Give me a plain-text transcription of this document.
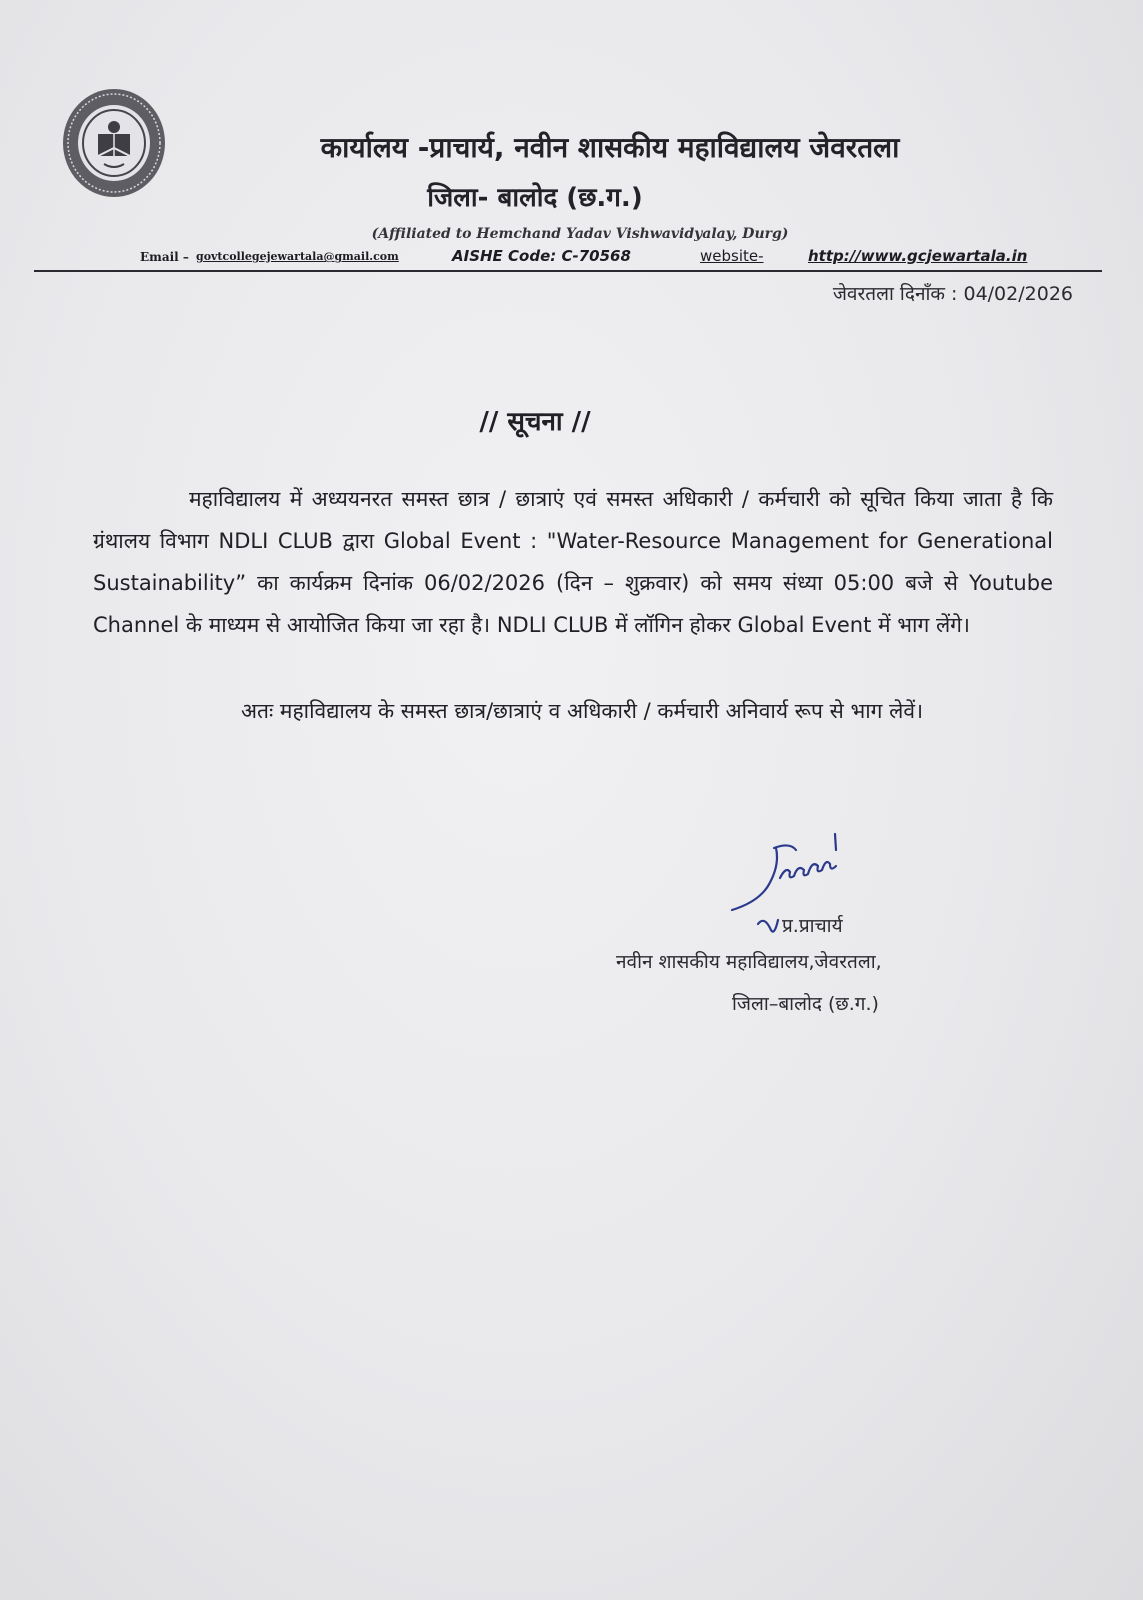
कार्यालय -प्राचार्य, नवीन शासकीय महाविद्यालय जेवरतला
जिला- बालोद (छ.ग.)
(Affiliated to Hemchand Yadav Vishwavidyalay, Durg)
Email – govtcollegejewartala@gmail.com	AISHE Code: C-70568	website-	http://www.gcjewartala.in
जेवरतला दिनाँक : 04/02/2026
// सूचना //
महाविद्यालय में अध्ययनरत समस्त छात्र / छात्राएं एवं समस्त अधिकारी / कर्मचारी को सूचित किया जाता है कि ग्रंथालय विभाग NDLI CLUB द्वारा Global Event : "Water-Resource Management for Generational Sustainability” का कार्यक्रम दिनांक 06/02/2026 (दिन – शुक्रवार) को समय संध्या 05:00 बजे से Youtube Channel के माध्यम से आयोजित किया जा रहा है। NDLI CLUB में लॉगिन होकर Global Event में भाग लेंगे।
अतः महाविद्यालय के समस्त छात्र/छात्राएं व अधिकारी / कर्मचारी अनिवार्य रूप से भाग लेवें।
प्र.प्राचार्य
नवीन शासकीय महाविद्यालय,जेवरतला,
जिला–बालोद (छ.ग.)
